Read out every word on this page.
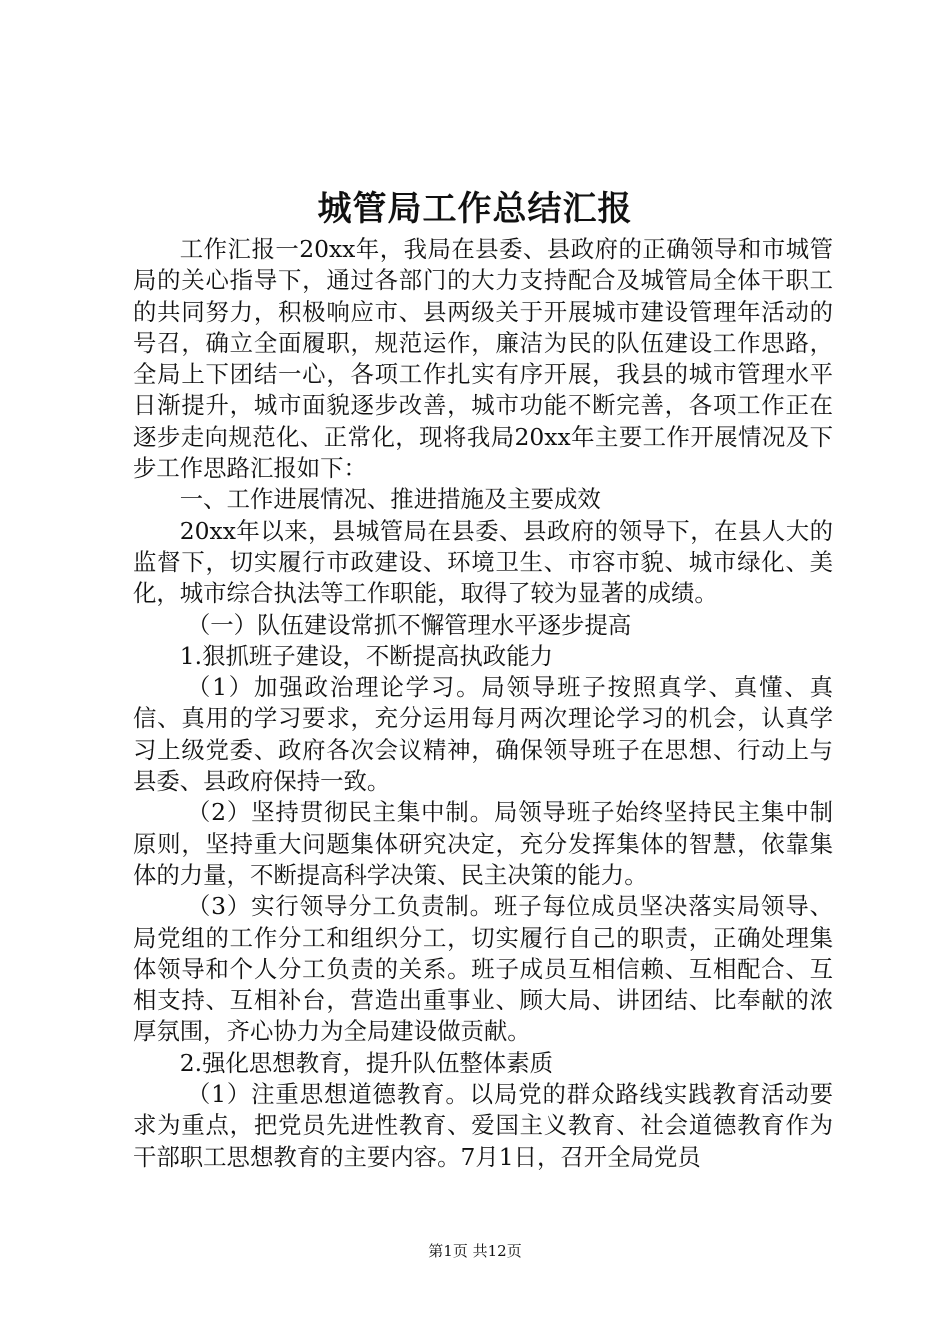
城管局工作总结汇报

工作汇报一20xx年，我局在县委、县政府的正确领导和市城管局的关心指导下，通过各部门的大力支持配合及城管局全体干职工的共同努力，积极响应市、县两级关于开展城市建设管理年活动的号召，确立全面履职，规范运作，廉洁为民的队伍建设工作思路，全局上下团结一心，各项工作扎实有序开展，我县的城市管理水平日渐提升，城市面貌逐步改善，城市功能不断完善，各项工作正在逐步走向规范化、正常化，现将我局20xx年主要工作开展情况及下步工作思路汇报如下：

一、工作进展情况、推进措施及主要成效

20xx年以来，县城管局在县委、县政府的领导下，在县人大的监督下，切实履行市政建设、环境卫生、市容市貌、城市绿化、美化，城市综合执法等工作职能，取得了较为显著的成绩。

（一）队伍建设常抓不懈管理水平逐步提高

1.狠抓班子建设，不断提高执政能力

（1）加强政治理论学习。局领导班子按照真学、真懂、真信、真用的学习要求，充分运用每月两次理论学习的机会，认真学习上级党委、政府各次会议精神，确保领导班子在思想、行动上与县委、县政府保持一致。

（2）坚持贯彻民主集中制。局领导班子始终坚持民主集中制原则，坚持重大问题集体研究决定，充分发挥集体的智慧，依靠集体的力量，不断提高科学决策、民主决策的能力。

（3）实行领导分工负责制。班子每位成员坚决落实局领导、局党组的工作分工和组织分工，切实履行自己的职责，正确处理集体领导和个人分工负责的关系。班子成员互相信赖、互相配合、互相支持、互相补台，营造出重事业、顾大局、讲团结、比奉献的浓厚氛围，齐心协力为全局建设做贡献。

2.强化思想教育，提升队伍整体素质

（1）注重思想道德教育。以局党的群众路线实践教育活动要求为重点，把党员先进性教育、爱国主义教育、社会道德教育作为干部职工思想教育的主要内容。7月1日，召开全局党员

第1页 共12页
